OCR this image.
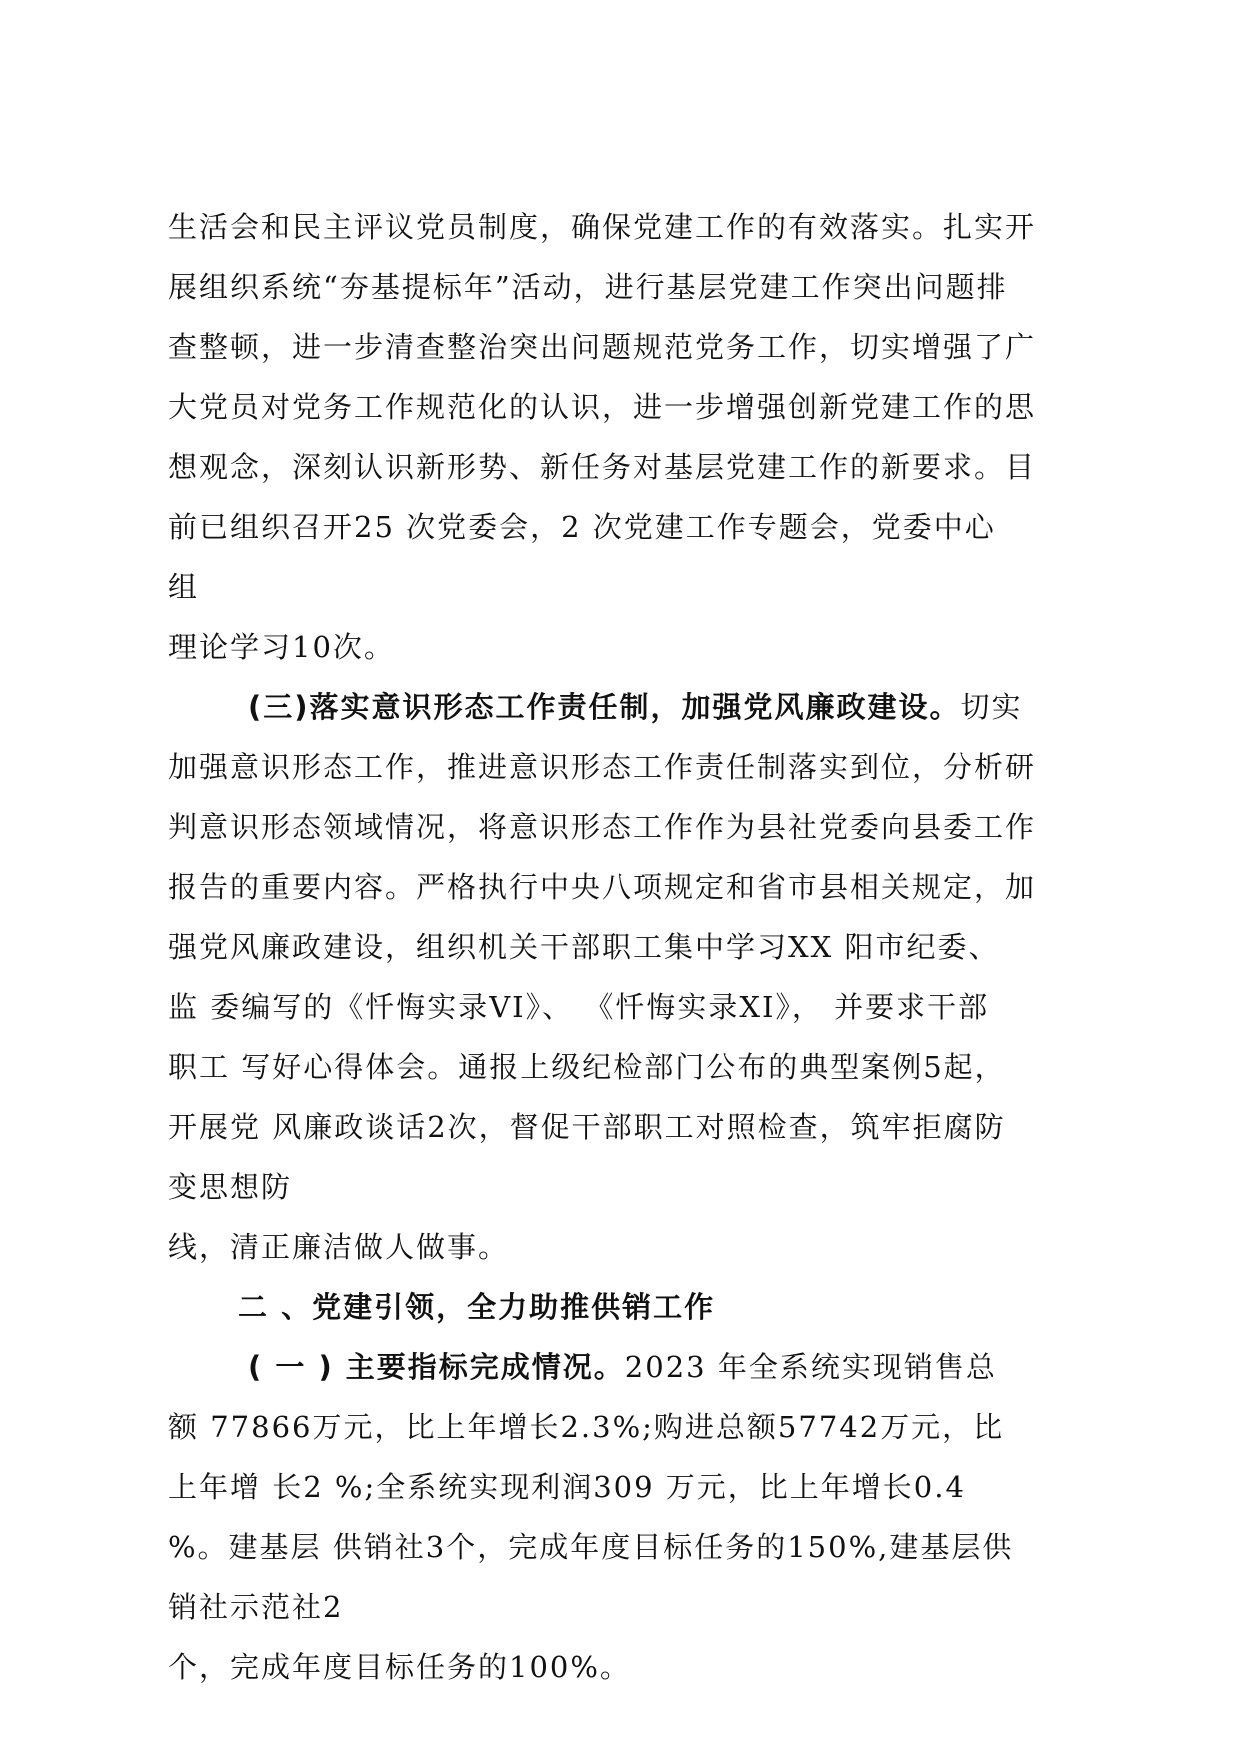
生活会和民主评议党员制度，确保党建工作的有效落实。扎实开
展组织系统“夯基提标年”活动，进行基层党建工作突出问题排
查整顿，进一步清查整治突出问题规范党务工作，切实增强了广
大党员对党务工作规范化的认识，进一步增强创新党建工作的思
想观念，深刻认识新形势、新任务对基层党建工作的新要求。目
前已组织召开25 次党委会，2 次党建工作专题会，党委中心
组
理论学习10次。
(三)落实意识形态工作责任制，加强党风廉政建设。切实
加强意识形态工作，推进意识形态工作责任制落实到位，分析研
判意识形态领域情况，将意识形态工作作为县社党委向县委工作
报告的重要内容。严格执行中央八项规定和省市县相关规定，加
强党风廉政建设，组织机关干部职工集中学习XX 阳市纪委、
监 委编写的《忏悔实录VI》、 《忏悔实录XI》， 并要求干部
职工 写好心得体会。通报上级纪检部门公布的典型案例5起，
开展党 风廉政谈话2次，督促干部职工对照检查，筑牢拒腐防
变思想防
线，清正廉洁做人做事。
二 、党建引领，全力助推供销工作
( 一 ) 主要指标完成情况。2023 年全系统实现销售总
额 77866万元，比上年增长2.3%;购进总额57742万元，比
上年增 长2 %;全系统实现利润309 万元，比上年增长0.4
%。建基层 供销社3个，完成年度目标任务的150%,建基层供
销社示范社2
个，完成年度目标任务的100%。
